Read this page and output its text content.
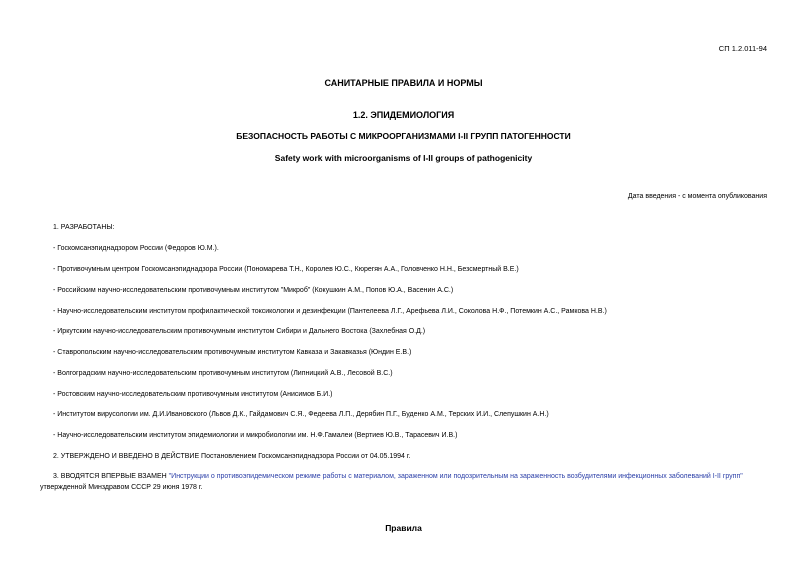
СП 1.2.011-94
САНИТАРНЫЕ ПРАВИЛА И НОРМЫ
1.2. ЭПИДЕМИОЛОГИЯ
БЕЗОПАСНОСТЬ РАБОТЫ С МИКРООРГАНИЗМАМИ I-II ГРУПП ПАТОГЕННОСТИ
Safety work with microorganisms of I-II groups of pathogenicity
Дата введения - с момента опубликования
1. РАЗРАБОТАНЫ:
- Госкомсанэпиднадзором России (Федоров Ю.М.).
- Противочумным центром Госкомсанэпиднадзора России (Пономарева Т.Н., Королев Ю.С., Кюрегян А.А., Головченко Н.Н., Безсмертный В.Е.)
- Российским научно-исследовательским противочумным институтом "Микроб" (Кокушкин А.М., Попов Ю.А., Васенин А.С.)
- Научно-исследовательским институтом профилактической токсикологии и дезинфекции (Пантелеева Л.Г., Арефьева Л.И., Соколова Н.Ф., Потемкин А.С., Рамкова Н.В.)
- Иркутским научно-исследовательским противочумным институтом Сибири и Дальнего Востока (Захлебная О.Д.)
- Ставропольским научно-исследовательским противочумным институтом Кавказа и Закавказья (Юндин Е.В.)
- Волгоградским научно-исследовательским противочумным институтом (Липницкий А.В., Лесовой В.С.)
- Ростовским научно-исследовательским противочумным институтом (Анисимов Б.И.)
- Институтом вирусологии им. Д.И.Ивановского (Львов Д.К., Гайдамович С.Я., Федеева Л.П., Дерябин П.Г., Буденко А.М., Терских И.И., Слепушкин А.Н.)
- Научно-исследовательским институтом эпидемиологии и микробиологии им. Н.Ф.Гамалеи (Вертиев Ю.В., Тарасевич И.В.)
2. УТВЕРЖДЕНО И ВВЕДЕНО В ДЕЙСТВИЕ Постановлением Госкомсанэпиднадзора России от 04.05.1994 г.
3. ВВОДЯТСЯ ВПЕРВЫЕ ВЗАМЕН "Инструкции о противоэпидемическом режиме работы с материалом, зараженном или подозрительным на зараженность возбудителями инфекционных заболеваний I-II групп"
утвержденной Минздравом СССР 29 июня 1978 г.
Правила
